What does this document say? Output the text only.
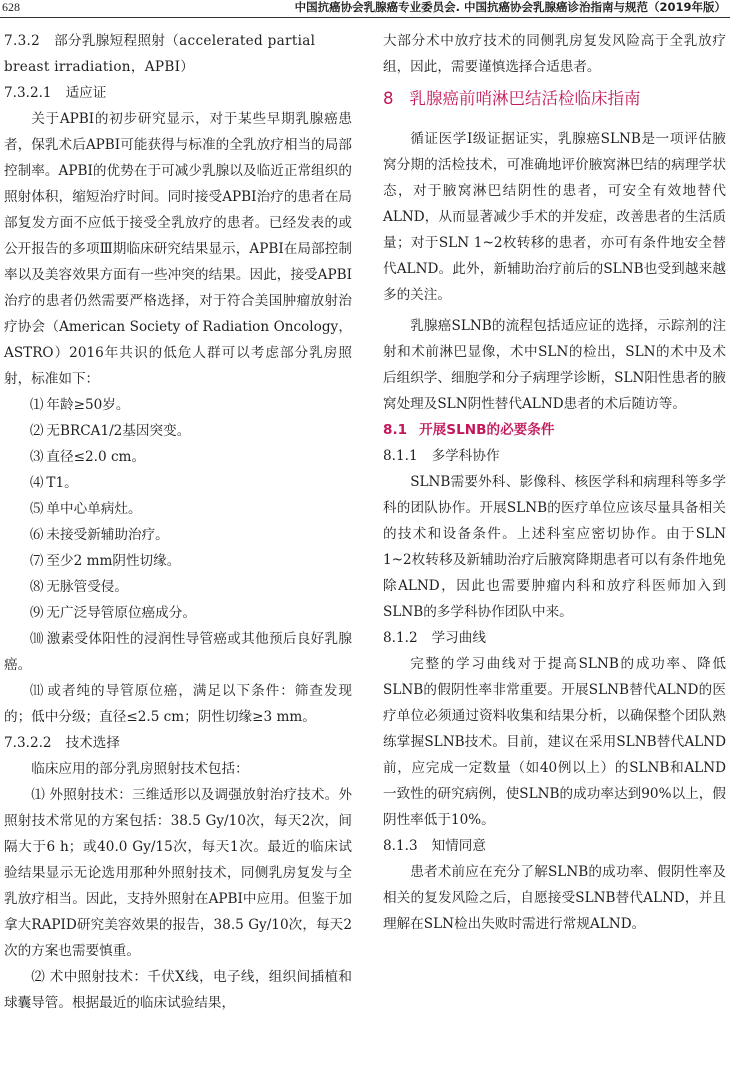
628	中国抗癌协会乳腺癌专业委员会. 中国抗癌协会乳腺癌诊治指南与规范（2019年版）

7.3.2 部分乳腺短程照射（accelerated partial breast irradiation，APBI）

7.3.2.1 适应证

关于APBI的初步研究显示，对于某些早期乳腺癌患者，保乳术后APBI可能获得与标准的全乳放疗相当的局部控制率。APBI的优势在于可减少乳腺以及临近正常组织的照射体积，缩短治疗时间。同时接受APBI治疗的患者在局部复发方面不应低于接受全乳放疗的患者。已经发表的或公开报告的多项Ⅲ期临床研究结果显示，APBI在局部控制率以及美容效果方面有一些冲突的结果。因此，接受APBI治疗的患者仍然需要严格选择，对于符合美国肿瘤放射治疗协会（American Society of Radiation Oncology，ASTRO）2016年共识的低危人群可以考虑部分乳房照射，标准如下：

⑴ 年龄≥50岁。

⑵ 无BRCA1/2基因突变。

⑶ 直径≤2.0 cm。

⑷ T1。

⑸ 单中心单病灶。

⑹ 未接受新辅助治疗。

⑺ 至少2 mm阴性切缘。

⑻ 无脉管受侵。

⑼ 无广泛导管原位癌成分。

⑽ 激素受体阳性的浸润性导管癌或其他预后良好乳腺癌。

⑾ 或者纯的导管原位癌，满足以下条件：筛查发现的；低中分级；直径≤2.5 cm；阴性切缘≥3 mm。

7.3.2.2 技术选择

临床应用的部分乳房照射技术包括：

⑴ 外照射技术：三维适形以及调强放射治疗技术。外照射技术常见的方案包括：38.5 Gy/10次，每天2次，间隔大于6 h；或40.0 Gy/15次，每天1次。最近的临床试验结果显示无论选用那种外照射技术，同侧乳房复发与全乳放疗相当。因此，支持外照射在APBI中应用。但鉴于加拿大RAPID研究美容效果的报告，38.5 Gy/10次，每天2次的方案也需要慎重。

⑵ 术中照射技术：千伏X线，电子线，组织间插植和球囊导管。根据最近的临床试验结果，

大部分术中放疗技术的同侧乳房复发风险高于全乳放疗组，因此，需要谨慎选择合适患者。

8 乳腺癌前哨淋巴结活检临床指南

循证医学Ⅰ级证据证实，乳腺癌SLNB是一项评估腋窝分期的活检技术，可准确地评价腋窝淋巴结的病理学状态，对于腋窝淋巴结阴性的患者，可安全有效地替代ALND，从而显著减少手术的并发症，改善患者的生活质量；对于SLN 1~2枚转移的患者，亦可有条件地安全替代ALND。此外，新辅助治疗前后的SLNB也受到越来越多的关注。

乳腺癌SLNB的流程包括适应证的选择，示踪剂的注射和术前淋巴显像，术中SLN的检出，SLN的术中及术后组织学、细胞学和分子病理学诊断，SLN阳性患者的腋窝处理及SLN阴性替代ALND患者的术后随访等。

8.1 开展SLNB的必要条件

8.1.1 多学科协作

SLNB需要外科、影像科、核医学科和病理科等多学科的团队协作。开展SLNB的医疗单位应该尽量具备相关的技术和设备条件。上述科室应密切协作。由于SLN 1~2枚转移及新辅助治疗后腋窝降期患者可以有条件地免除ALND，因此也需要肿瘤内科和放疗科医师加入到SLNB的多学科协作团队中来。

8.1.2 学习曲线

完整的学习曲线对于提高SLNB的成功率、降低SLNB的假阴性率非常重要。开展SLNB替代ALND的医疗单位必须通过资料收集和结果分析，以确保整个团队熟练掌握SLNB技术。目前，建议在采用SLNB替代ALND前，应完成一定数量（如40例以上）的SLNB和ALND一致性的研究病例，使SLNB的成功率达到90%以上，假阴性率低于10%。

8.1.3 知情同意

患者术前应在充分了解SLNB的成功率、假阴性率及相关的复发风险之后，自愿接受SLNB替代ALND，并且理解在SLN检出失败时需进行常规ALND。
